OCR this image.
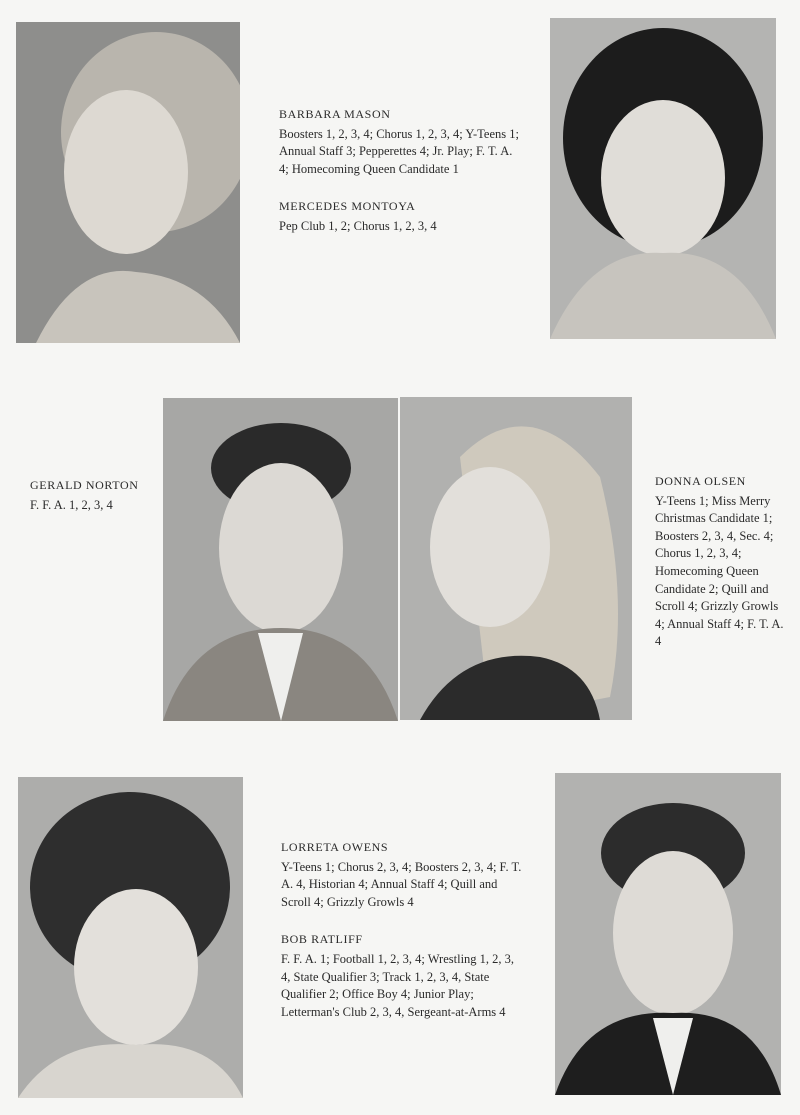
BARBARA MASON
Boosters 1, 2, 3, 4; Chorus 1, 2, 3, 4; Y-Teens 1; Annual Staff 3; Pepperettes 4; Jr. Play; F. T. A. 4; Homecoming Queen Candidate 1
MERCEDES MONTOYA
Pep Club 1, 2; Chorus 1, 2, 3, 4
GERALD NORTON
F. F. A. 1, 2, 3, 4
DONNA OLSEN
Y-Teens 1; Miss Merry Christmas Candidate 1; Boosters 2, 3, 4, Sec. 4; Chorus 1, 2, 3, 4; Homecoming Queen Candidate 2; Quill and Scroll 4; Grizzly Growls 4; Annual Staff 4; F. T. A. 4
LORRETA OWENS
Y-Teens 1; Chorus 2, 3, 4; Boosters 2, 3, 4; F. T. A. 4, Historian 4; Annual Staff 4; Quill and Scroll 4; Grizzly Growls 4
BOB RATLIFF
F. F. A. 1; Football 1, 2, 3, 4; Wrestling 1, 2, 3, 4, State Qualifier 3; Track 1, 2, 3, 4, State Qualifier 2; Office Boy 4; Junior Play; Letterman's Club 2, 3, 4, Sergeant-at-Arms 4
